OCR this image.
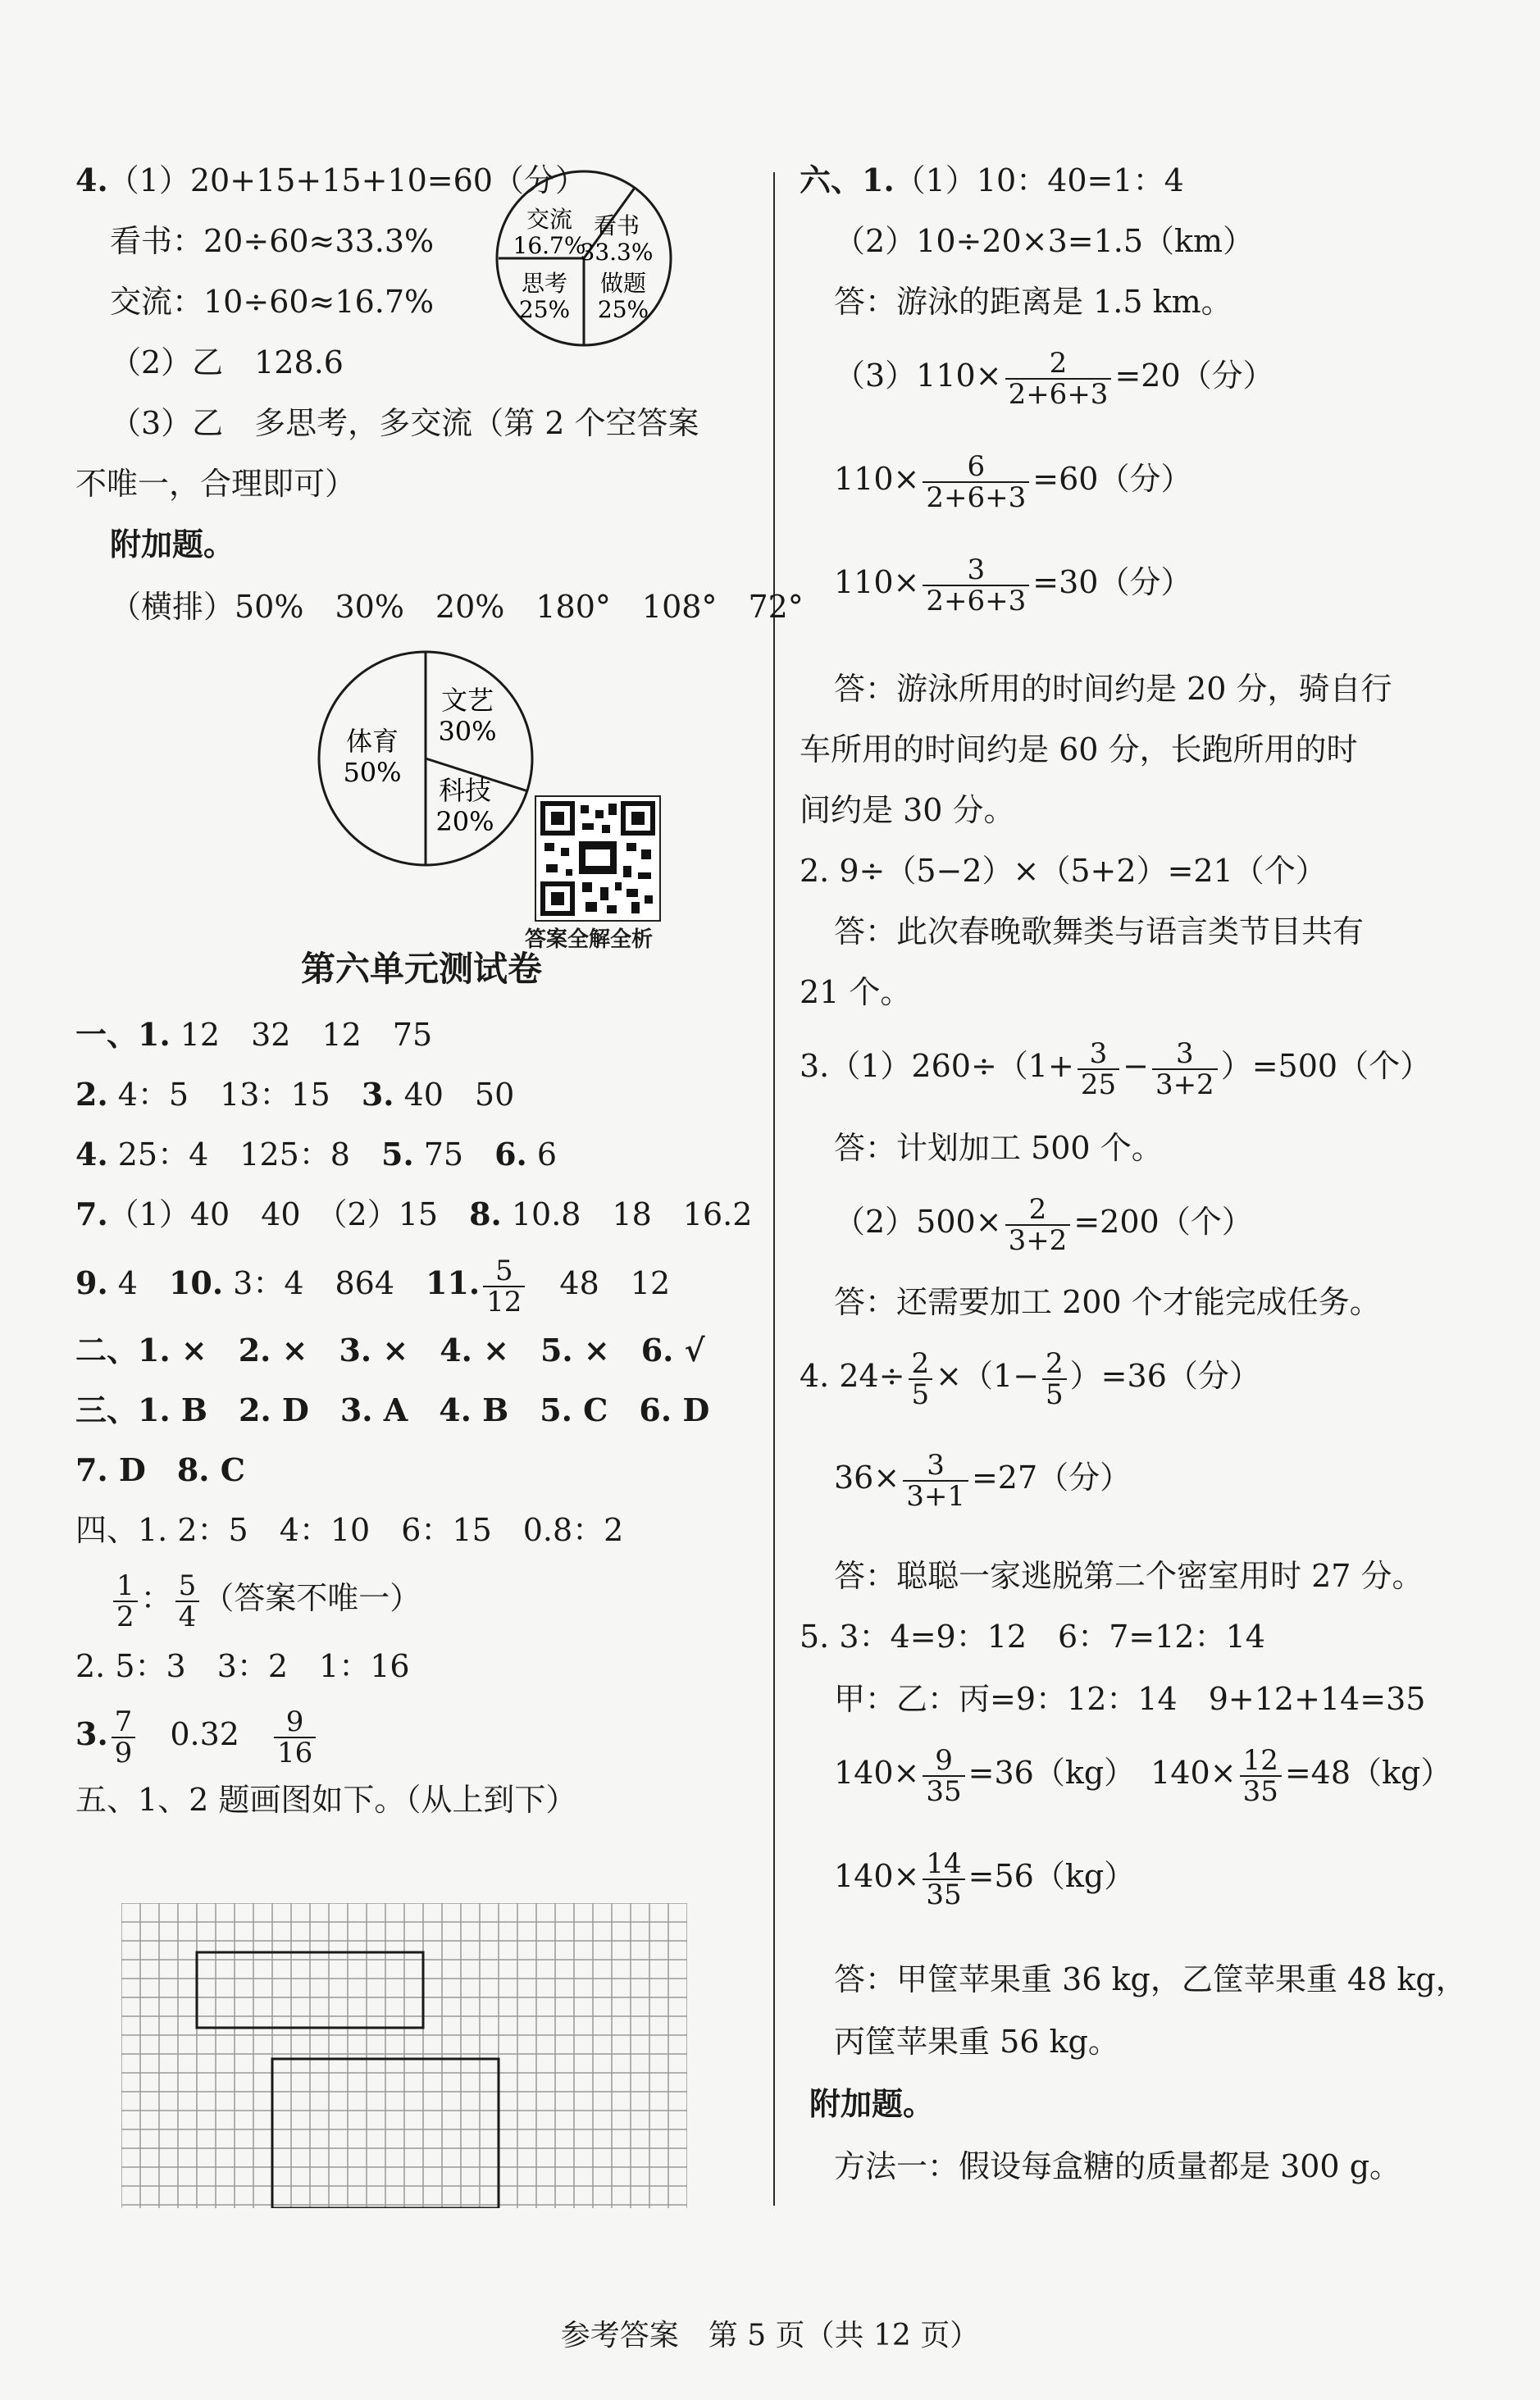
4.（1）20+15+15+10=60（分）
看书：20÷60≈33.3%
交流：10÷60≈16.7%
（2）乙　128.6
（3）乙　多思考，多交流（第 2 个空答案
不唯一，合理即可）
看书
33.3%
交流
16.7%
思考
25%
做题
25%
附加题。
（横排）50%　30%　20%　180°　108°　72°
体育
50%
文艺
30%
科技
20%
第六单元测试卷
一、1. 12　32　12　75
2. 4：5　13：15　3. 40　50
4. 25：4　125：8　5. 75　6. 6
7.（1）40　40　（2）15　8. 10.8　18　16.2
9. 4　10. 3：4　864　11. $\frac{5}{12}$ 　48　12
二、1. ×　2. ×　3. ×　4. ×　5. ×　6. √
三、1. B　2. D　3. A　4. B　5. C　6. D
7. D　8. C
四、1. 2：5　4：10　6：15　0.8：2
$\frac{1}{2}$ ： $\frac{5}{4}$ （答案不唯一）
2. 5：3　3：2　1：16
3. $\frac{7}{9}$ 　0.32　 $\frac{9}{16}$
五、1、2 题画图如下。（从上到下）
答案全解全析
六、1.（1）10：40=1：4
（2）10÷20×3=1.5（km）
答：游泳的距离是 1.5 km。
$(3)110\times \frac{2}{2+6+3} =20$（分）
$110\times \frac{6}{2+6+3} =60$（分）
$110\times \frac{3}{2+6+3} =30$（分）
答：游泳所用的时间约是 20 分，骑自行
车所用的时间约是 60 分，长跑所用的时
间约是 30 分。
2. 9÷（5−2）×（5+2）=21（个）
答：此次春晚歌舞类与语言类节目共有
21 个。
$3.(1)260\div(1+ \frac{3}{25} - \frac{3}{3+2} )=500$（个）
答：计划加工 500 个。
$(2)500\times \frac{2}{3+2} =200$（个）
答：还需要加工 200 个才能完成任务。
4. $24\div \frac{2}{5} \times(1- \frac{2}{5} )=36$（分）
$36\times \frac{3}{3+1} =27$（分）
答：聪聪一家逃脱第二个密室用时 27 分。
5. 3：4=9：12　6：7=12：14
甲：乙：丙=9：12：14　9+12+14=35
$140\times \frac{9}{35} =36(kg)$　$140\times \frac{12}{35} =48(kg)$
$140\times \frac{14}{35} =56(kg)$
答：甲筐苹果重 36 kg，乙筐苹果重 48 kg，
丙筐苹果重 56 kg。
附加题。
方法一：假设每盒糖的质量都是 300 g。
参考答案　第 5 页（共 12 页）
